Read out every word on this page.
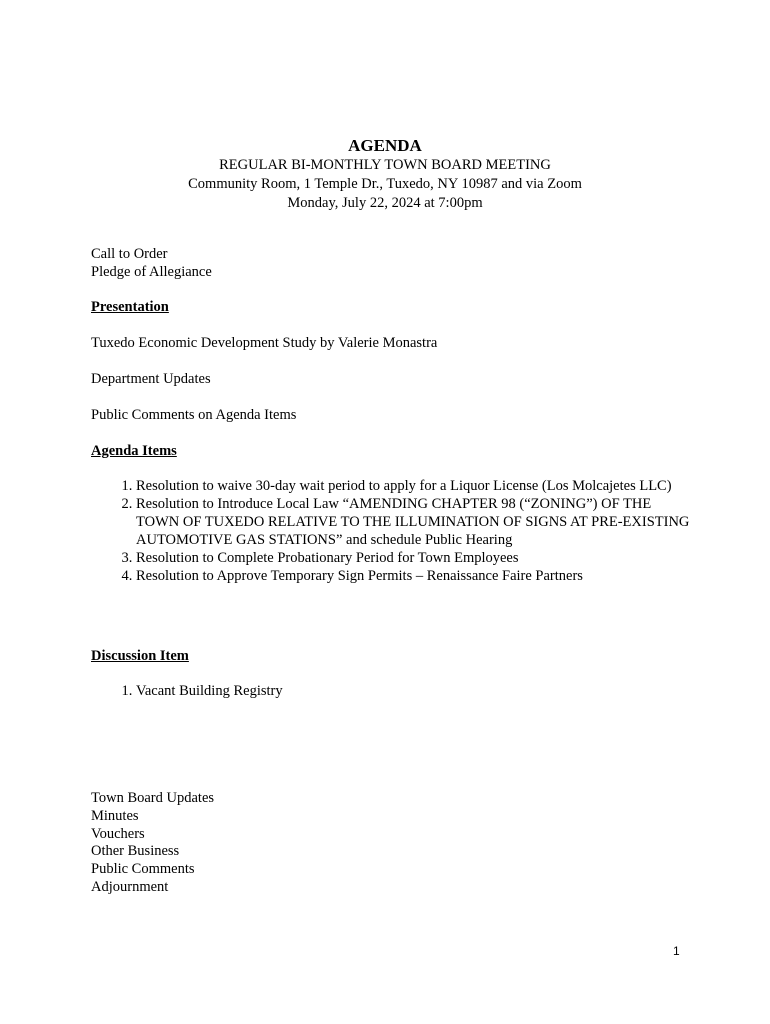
AGENDA
REGULAR BI-MONTHLY TOWN BOARD MEETING
Community Room, 1 Temple Dr., Tuxedo, NY 10987 and via Zoom
Monday, July 22, 2024 at 7:00pm
Call to Order
Pledge of Allegiance
Presentation
Tuxedo Economic Development Study by Valerie Monastra
Department Updates
Public Comments on Agenda Items
Agenda Items
1. Resolution to waive 30-day wait period to apply for a Liquor License (Los Molcajetes LLC)
2. Resolution to Introduce Local Law “AMENDING CHAPTER 98 (“ZONING”) OF THE TOWN OF TUXEDO RELATIVE TO THE ILLUMINATION OF SIGNS AT PRE-EXISTING AUTOMOTIVE GAS STATIONS” and schedule Public Hearing
3. Resolution to Complete Probationary Period for Town Employees
4. Resolution to Approve Temporary Sign Permits – Renaissance Faire Partners
Discussion Item
1. Vacant Building Registry
Town Board Updates
Minutes
Vouchers
Other Business
Public Comments
Adjournment
1
